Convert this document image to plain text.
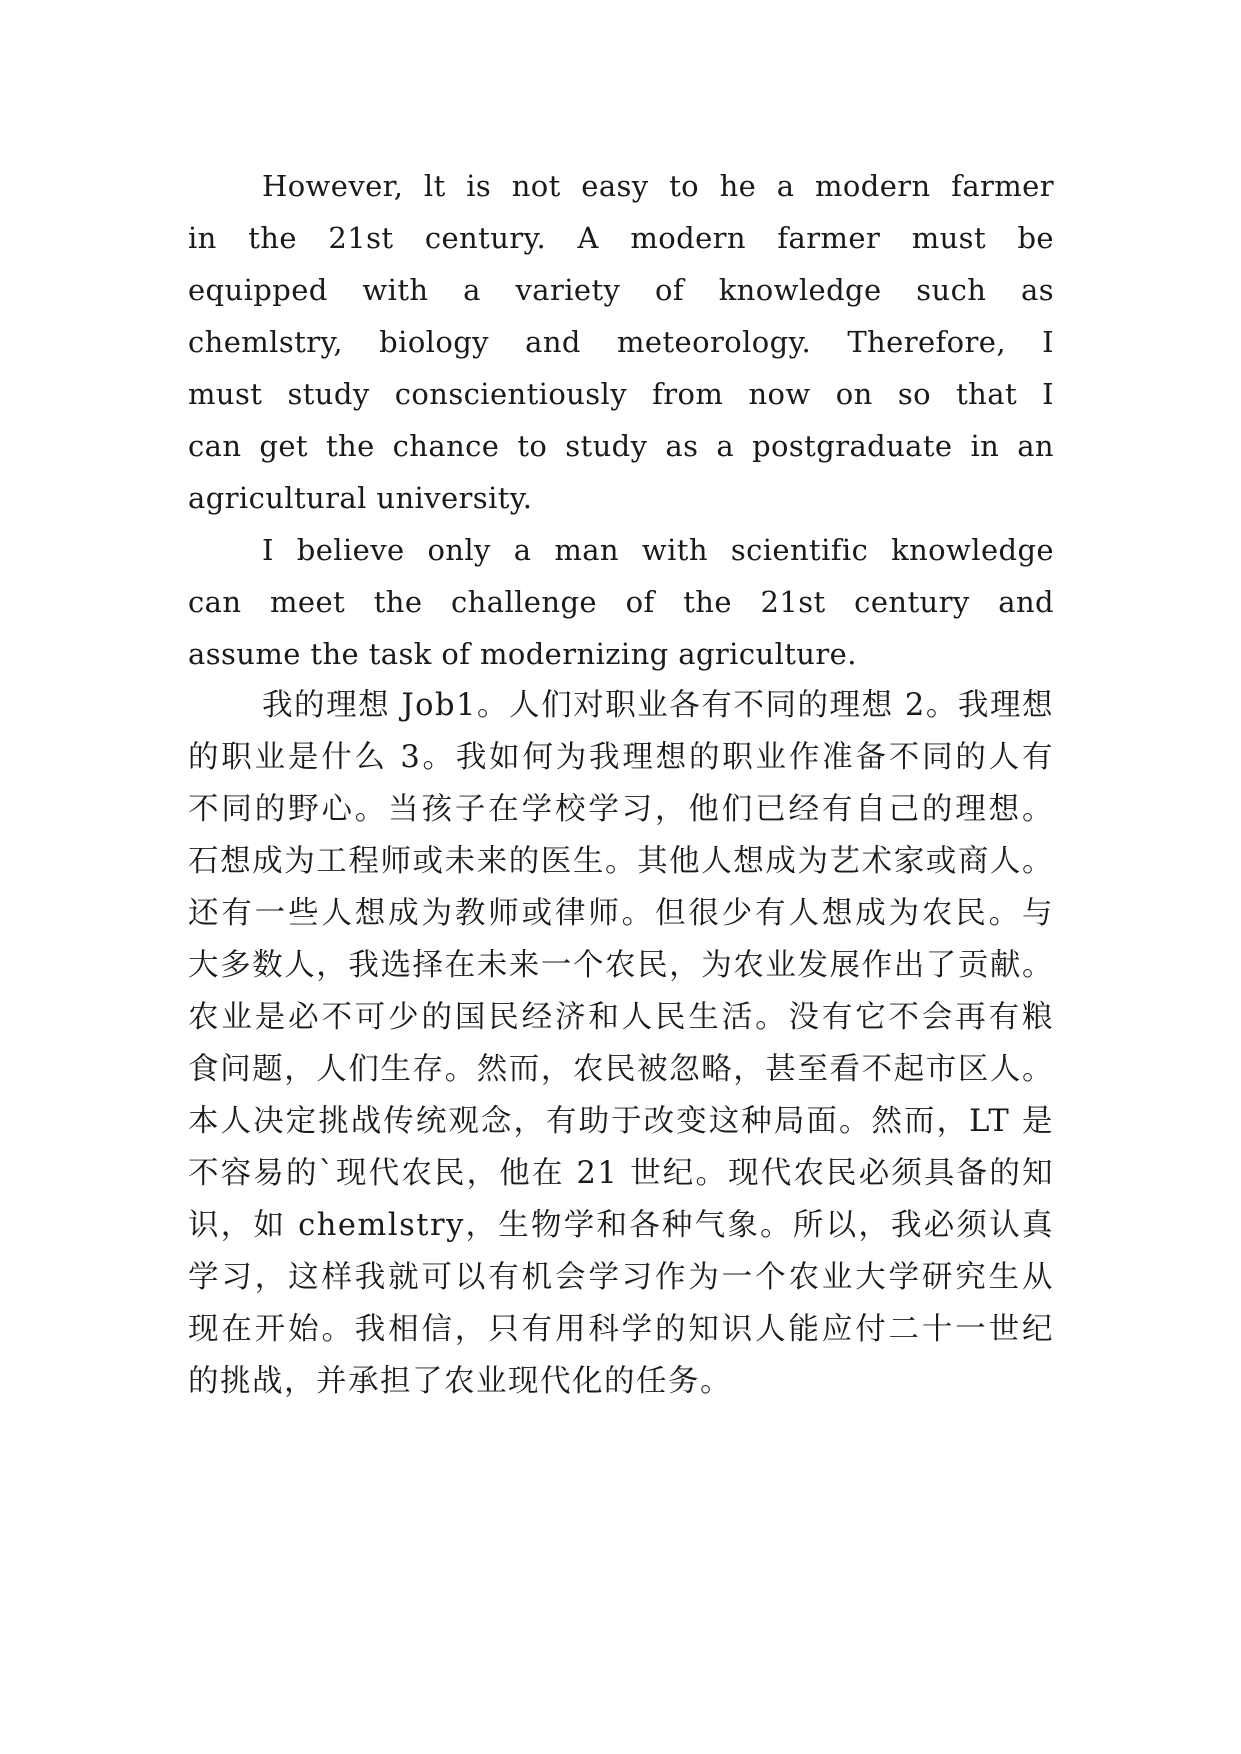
However, lt is not easy to he a modern farmer
in the 21st century. A modern farmer must be
equipped with a variety of knowledge such as
chemlstry, biology and meteorology. Therefore, I
must study conscientiously from now on so that I
can get the chance to study as a postgraduate in an
agricultural university.
I believe only a man with scientific knowledge
can meet the challenge of the 21st century and
assume the task of modernizing agriculture.
我的理想 Job1。人们对职业各有不同的理想 2。我理想
的职业是什么 3。我如何为我理想的职业作准备不同的人有
不同的野心。当孩子在学校学习，他们已经有自己的理想。
石想成为工程师或未来的医生。其他人想成为艺术家或商人。
还有一些人想成为教师或律师。但很少有人想成为农民。与
大多数人，我选择在未来一个农民，为农业发展作出了贡献。
农业是必不可少的国民经济和人民生活。没有它不会再有粮
食问题，人们生存。然而，农民被忽略，甚至看不起市区人。
本人决定挑战传统观念，有助于改变这种局面。然而，LT 是
不容易的`现代农民，他在 21 世纪。现代农民必须具备的知
识，如 chemlstry，生物学和各种气象。所以，我必须认真
学习，这样我就可以有机会学习作为一个农业大学研究生从
现在开始。我相信，只有用科学的知识人能应付二十一世纪
的挑战，并承担了农业现代化的任务。
